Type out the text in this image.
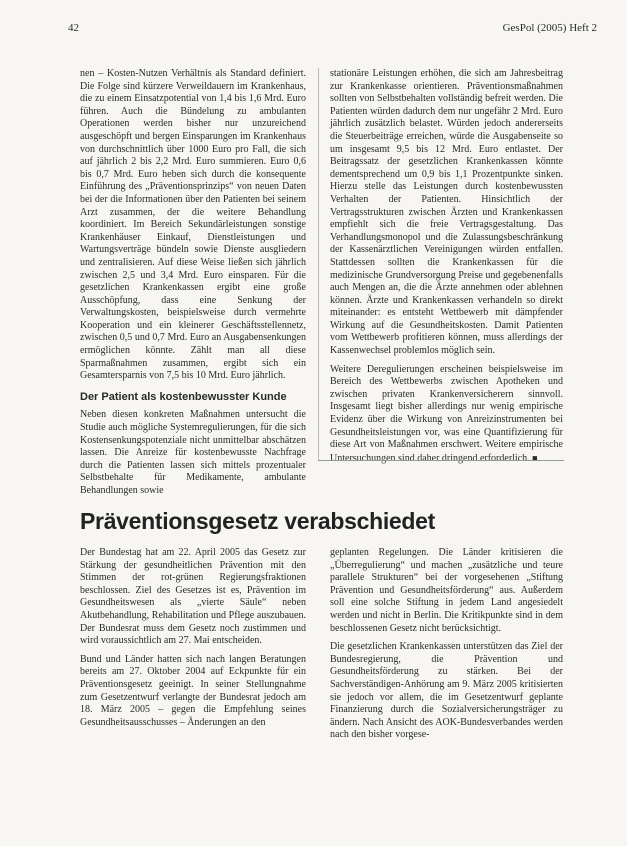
42	GesPol (2005) Heft 2

nen – Kosten-Nutzen Verhältnis als Standard definiert. Die Folge sind kürzere Verweildauern im Krankenhaus, die zu einem Einsatzpotential von 1,4 bis 1,6 Mrd. Euro führen. Auch die Bündelung zu ambulanten Operationen werden bisher nur unzureichend ausgeschöpft und bergen Einsparungen im Krankenhaus von durchschnittlich über 1000 Euro pro Fall, die sich auf jährlich 2 bis 2,2 Mrd. Euro summieren. Euro 0,6 bis 0,7 Mrd. Euro heben sich durch die konsequente Einführung des „Präventionsprinzips“ von neuen Daten bei der die Informationen über den Patienten bei seinem Arzt zusammen, der die weitere Behandlung koordiniert. Im Bereich Sekundärleistungen sonstige Krankenhäuser Einkauf, Dienstleistungen und Wartungsverträge bündeln sowie Dienste ausgliedern und zentralisieren. Auf diese Weise ließen sich jährlich zwischen 2,5 und 3,4 Mrd. Euro einsparen. Für die gesetzlichen Krankenkassen ergibt eine große Ausschöpfung, dass eine Senkung der Verwaltungskosten, beispielsweise durch vermehrte Kooperation und ein kleinerer Geschäftsstellennetz, zwischen 0,5 und 0,7 Mrd. Euro an Ausgabensenkungen ermöglichen könnte. Zählt man all diese Sparmaßnahmen zusammen, ergibt sich ein Gesamtersparnis von 7,5 bis 10 Mrd. Euro jährlich.

Der Patient als kostenbewusster Kunde

Neben diesen konkreten Maßnahmen untersucht die Studie auch mögliche Systemregulierungen, für die sich Kostensenkungspotenziale nicht unmittelbar abschätzen lassen. Die Anreize für kostenbewusste Nachfrage durch die Patienten lassen sich mittels prozentualer Selbstbehalte für Medikamente, ambulante Behandlungen sowie

stationäre Leistungen erhöhen, die sich am Jahresbeitrag zur Krankenkasse orientieren. Präventionsmaßnahmen sollten von Selbstbehalten vollständig befreit werden. Die Patienten würden dadurch dem nur ungefähr 2 Mrd. Euro jährlich zusätzlich belastet. Würden jedoch andererseits die Steuerbeiträge erreichen, würde die Ausgabenseite so um insgesamt 9,5 bis 12 Mrd. Euro entlastet. Der Beitragssatz der gesetzlichen Krankenkassen könnte dementsprechend um 0,9 bis 1,1 Prozentpunkte sinken. Hierzu stelle das Leistungen durch kostenbewussten Verhalten der Patienten. Hinsichtlich der Vertragsstrukturen zwischen Ärzten und Krankenkassen empfiehlt sich die freie Vertragsgestaltung. Das Verhandlungsmonopol und die Zulassungsbeschränkung der Kassenärztlichen Vereinigungen würden entfallen. Stattdessen sollten die Krankenkassen für die medizinische Grundversorgung Preise und gegebenenfalls auch Mengen an, die die Ärzte annehmen oder ablehnen können. Ärzte und Krankenkassen verhandeln so direkt miteinander: es entsteht Wettbewerb mit dämpfender Wirkung auf die Gesundheitskosten. Damit Patienten vom Wettbewerb profitieren können, muss allerdings der Kassenwechsel problemlos möglich sein.

Weitere Deregulierungen erscheinen beispielsweise im Bereich des Wettbewerbs zwischen Apotheken und zwischen privaten Krankenversicherern sinnvoll. Insgesamt liegt bisher allerdings nur wenig empirische Evidenz über die Wirkung von Anreizinstrumenten bei Gesundheitsleistungen vor, was eine Quantifizierung für diese Art von Maßnahmen erschwert. Weitere empirische Untersuchungen sind daher dringend erforderlich. ■

Präventionsgesetz verabschiedet

Der Bundestag hat am 22. April 2005 das Gesetz zur Stärkung der gesundheitlichen Prävention mit den Stimmen der rot-grünen Regierungsfraktionen beschlossen. Ziel des Gesetzes ist es, Prävention im Gesundheitswesen als „vierte Säule“ neben Akutbehandlung, Rehabilitation und Pflege auszubauen. Der Bundesrat muss dem Gesetz noch zustimmen und wird voraussichtlich am 27. Mai entscheiden.

Bund und Länder hatten sich nach langen Beratungen bereits am 27. Oktober 2004 auf Eckpunkte für ein Präventionsgesetz geeinigt. In seiner Stellungnahme zum Gesetzentwurf verlangte der Bundesrat jedoch am 18. März 2005 – gegen die Empfehlung seines Gesundheitsausschusses – Änderungen an den

geplanten Regelungen. Die Länder kritisieren die „Überregulierung“ und machen „zusätzliche und teure parallele Strukturen“ bei der vorgesehenen „Stiftung Prävention und Gesundheitsförderung“ aus. Außerdem soll eine solche Stiftung in jedem Land angesiedelt werden und nicht in Berlin. Die Kritikpunkte sind in dem beschlossenen Gesetz nicht berücksichtigt.

Die gesetzlichen Krankenkassen unterstützen das Ziel der Bundesregierung, die Prävention und Gesundheitsförderung zu stärken. Bei der Sachverständigen-Anhörung am 9. März 2005 kritisierten sie jedoch vor allem, die im Gesetzentwurf geplante Finanzierung durch die Sozialversicherungsträger zu ändern. Nach Ansicht des AOK-Bundesverbandes werden nach den bisher vorgese-
